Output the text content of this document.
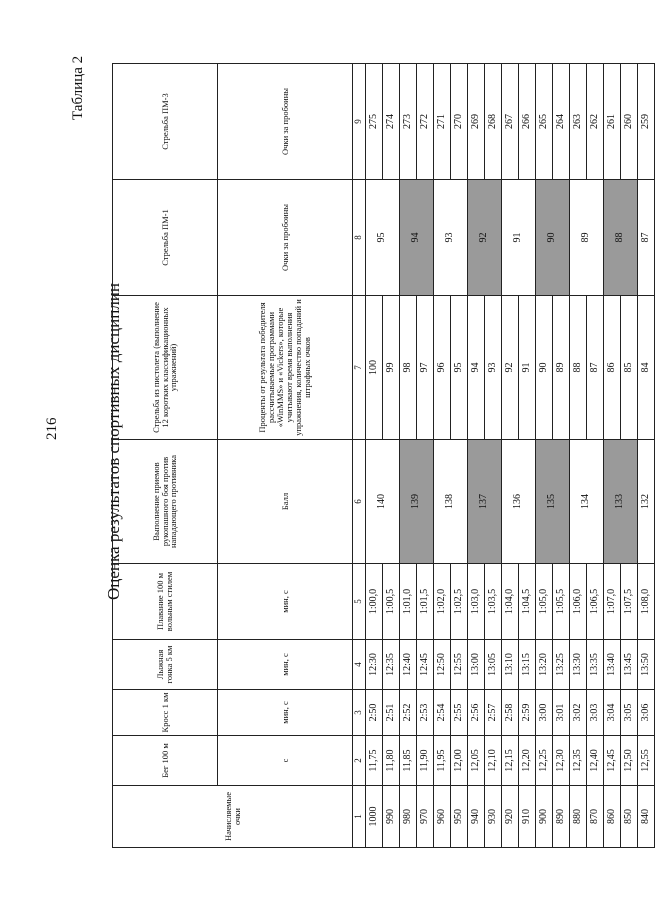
216
Таблица 2
Оценка результатов спортивных дисциплин
Начисляемые очки	Бег 100 м	Кросс 1 км	Лыжная гонка 5 км	Плавание 100 м вольным стилем	Выполнение приемов рукопашного боя против нападающего противника	Стрельба из пистолета (выполнение 12 коротких классификационных упражнений)	Стрельба ПМ-1	Стрельба ПМ-3
	с	мин, с	мин, с	мин, с	Балл	Проценты от результата победителя рассчитываемые программами «WinMMS» и «Vickers», которые учитывают время выполнения упражнения, количество попаданий и штрафных очков	Очки за пробоины	Очки за пробоины
1	2	3	4	5	6	7	8	9
1000	11,75	2:50	12:30	1:00,0	140	100	95	275
990	11,80	2:51	12:35	1:00,5		99		274
980	11,85	2:52	12:40	1:01,0	139	98	94	273
970	11,90	2:53	12:45	1:01,5		97		272
960	11,95	2:54	12:50	1:02,0	138	96	93	271
950	12,00	2:55	12:55	1:02,5		95		270
940	12,05	2:56	13:00	1:03,0	137	94	92	269
930	12,10	2:57	13:05	1:03,5		93		268
920	12,15	2:58	13:10	1:04,0	136	92	91	267
910	12,20	2:59	13:15	1:04,5		91		266
900	12,25	3:00	13:20	1:05,0	135	90	90	265
890	12,30	3:01	13:25	1:05,5		89		264
880	12,35	3:02	13:30	1:06,0	134	88	89	263
870	12,40	3:03	13:35	1:06,5		87		262
860	12,45	3:04	13:40	1:07,0	133	86	88	261
850	12,50	3:05	13:45	1:07,5		85		260
840	12,55	3:06	13:50	1:08,0	132	84	87	259
